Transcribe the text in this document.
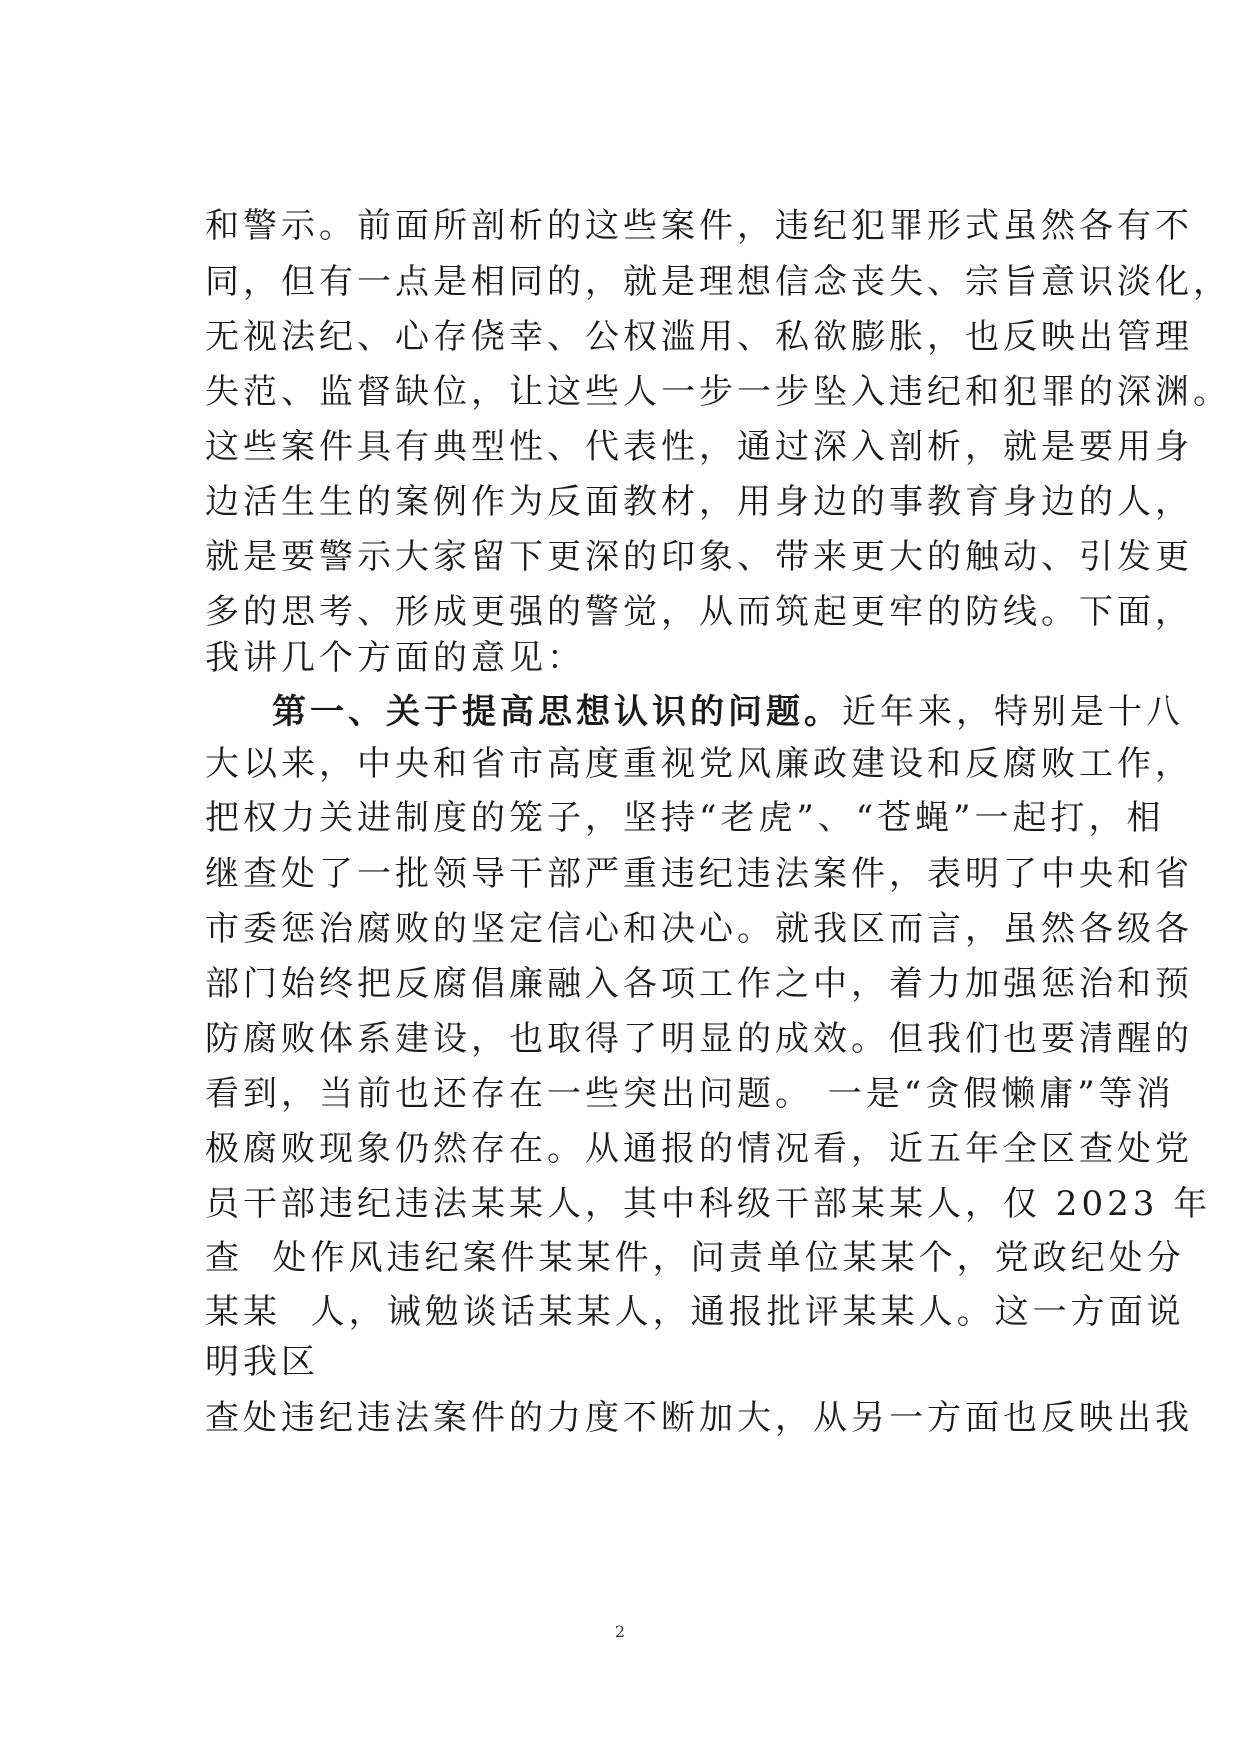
和警示。前面所剖析的这些案件，违纪犯罪形式虽然各有不
同，但有一点是相同的，就是理想信念丧失、宗旨意识淡化，
无视法纪、心存侥幸、公权滥用、私欲膨胀，也反映出管理
失范、监督缺位，让这些人一步一步坠入违纪和犯罪的深渊。
这些案件具有典型性、代表性，通过深入剖析，就是要用身
边活生生的案例作为反面教材，用身边的事教育身边的人，
就是要警示大家留下更深的印象、带来更大的触动、引发更
多的思考、形成更强的警觉，从而筑起更牢的防线。下面，
我讲几个方面的意见：
第一、关于提高思想认识的问题。近年来，特别是十八
大以来，中央和省市高度重视党风廉政建设和反腐败工作，
把权力关进制度的笼子，坚持“老虎”、“苍蝇”一起打，相
继查处了一批领导干部严重违纪违法案件，表明了中央和省
市委惩治腐败的坚定信心和决心。就我区而言，虽然各级各
部门始终把反腐倡廉融入各项工作之中，着力加强惩治和预
防腐败体系建设，也取得了明显的成效。但我们也要清醒的
看到，当前也还存在一些突出问题。 一是“贪假懒庸”等消
极腐败现象仍然存在。从通报的情况看，近五年全区查处党
员干部违纪违法某某人，其中科级干部某某人，仅 2023 年
查  处作风违纪案件某某件，问责单位某某个，党政纪处分
某某  人，诫勉谈话某某人，通报批评某某人。这一方面说
明我区
查处违纪违法案件的力度不断加大，从另一方面也反映出我
2
